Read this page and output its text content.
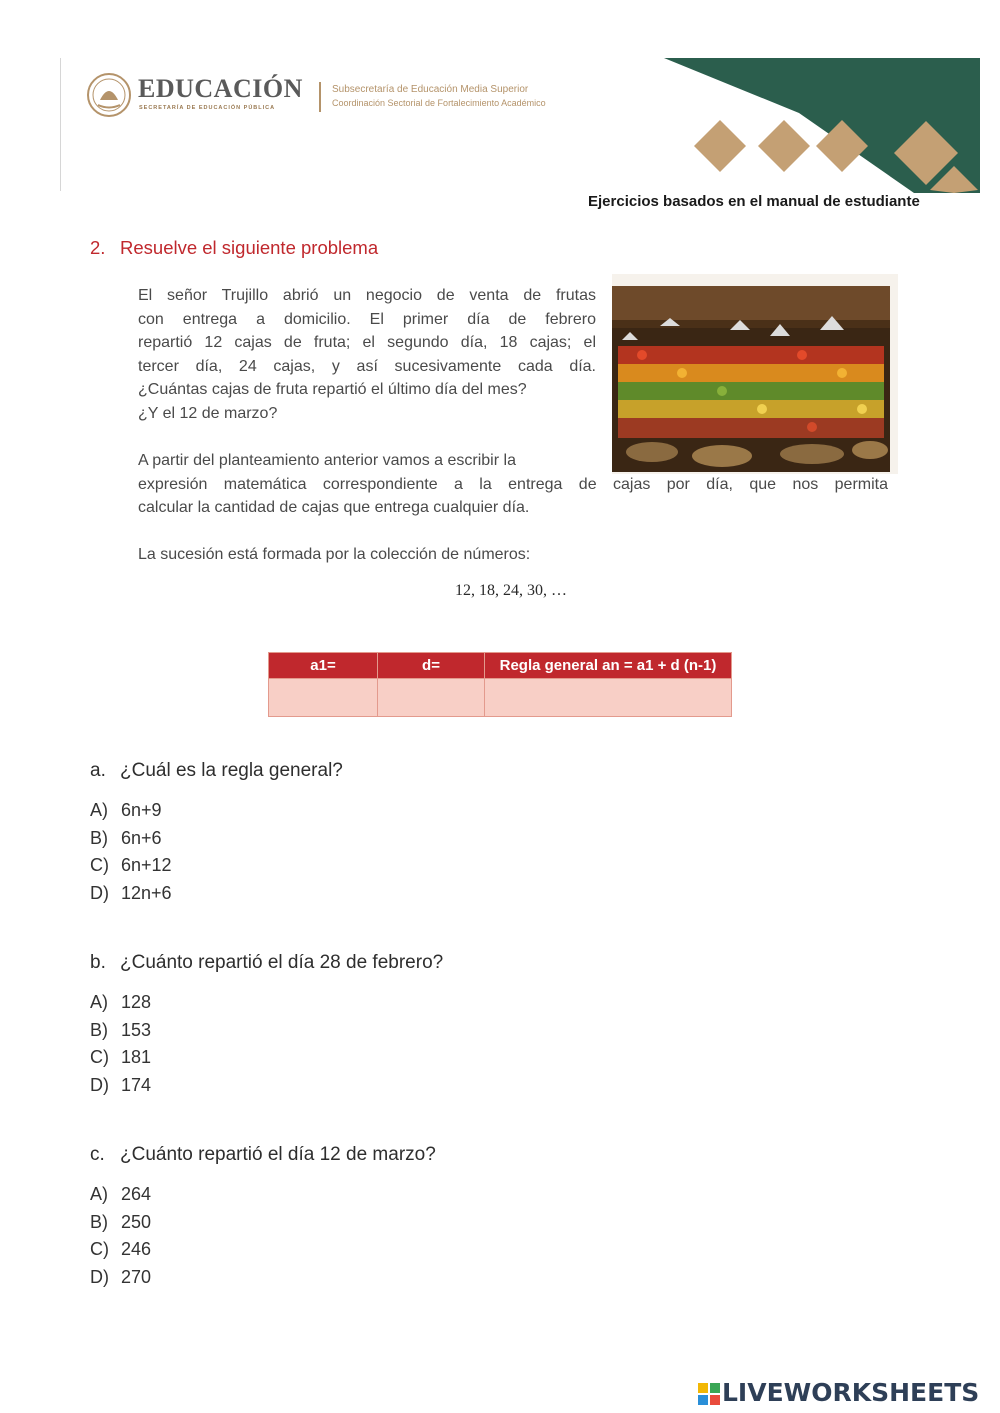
EDUCACIÓN
SECRETARÍA DE EDUCACIÓN PÚBLICA
Subsecretaría de Educación Media Superior
Coordinación Sectorial de Fortalecimiento Académico
Ejercicios basados en el manual de estudiante
2. Resuelve el siguiente problema
El señor Trujillo abrió un negocio de venta de frutas
con entrega a domicilio. El primer día de febrero
repartió 12 cajas de fruta; el segundo día, 18 cajas; el
tercer día, 24 cajas, y así sucesivamente cada día.
¿Cuántas cajas de fruta repartió el último día del mes?
¿Y el 12 de marzo?
A partir del planteamiento anterior vamos a escribir la
expresión matemática correspondiente a la entrega de cajas por día, que nos permita
calcular la cantidad de cajas que entrega cualquier día.
La sucesión está formada por la colección de números:
12, 18, 24, 30, …
a1=	d=	Regla general an = a1 + d (n-1)

a. ¿Cuál es la regla general?
A) 6n+9
B) 6n+6
C) 6n+12
D) 12n+6
b. ¿Cuánto repartió el día 28 de febrero?
A) 128
B) 153
C) 181
D) 174
c. ¿Cuánto repartió el día 12 de marzo?
A) 264
B) 250
C) 246
D) 270
LIVEWORKSHEETS
